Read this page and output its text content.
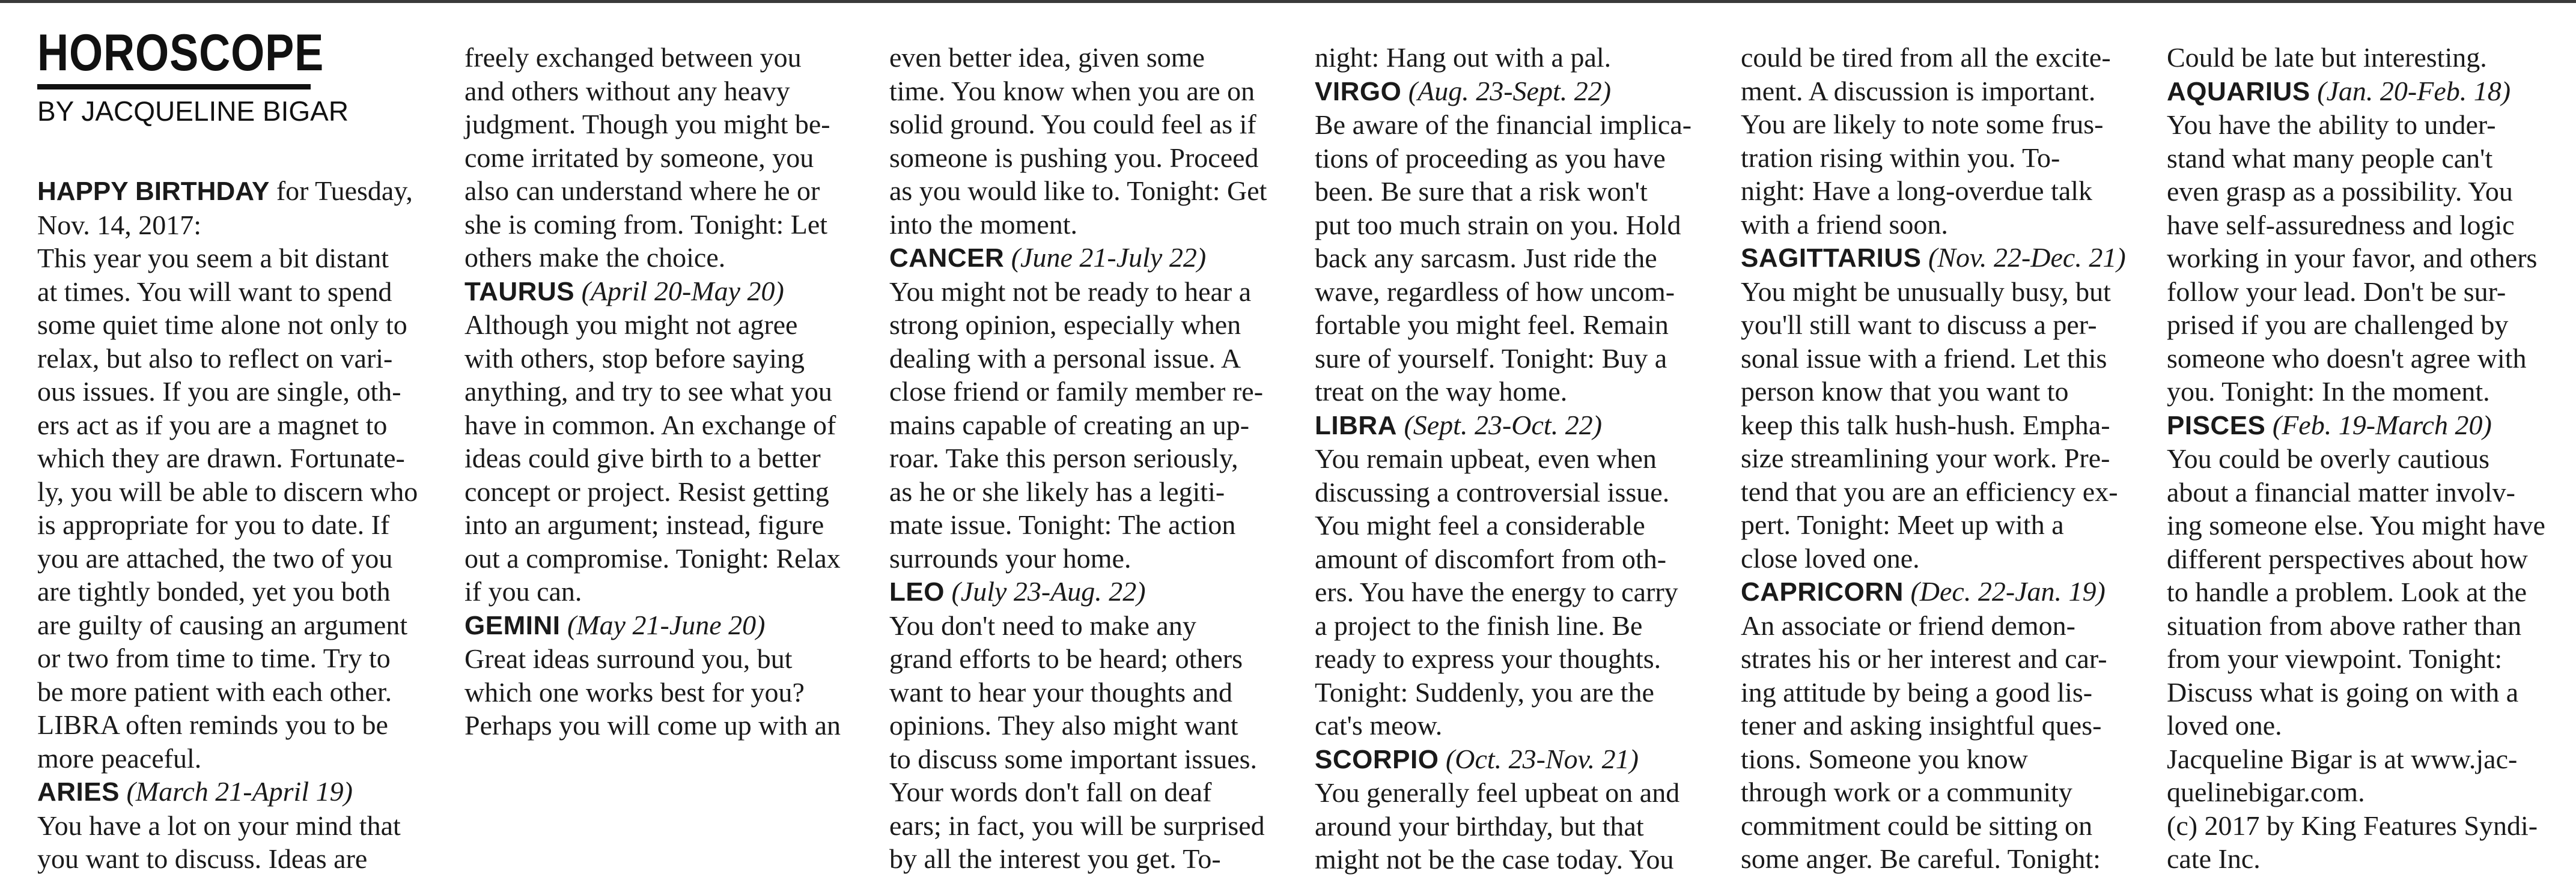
HOROSCOPE
BY JACQUELINE BIGAR
HAPPY BIRTHDAY for Tuesday,
Nov. 14, 2017:
This year you seem a bit distant
at times. You will want to spend
some quiet time alone not only to
relax, but also to reflect on vari-
ous issues. If you are single, oth-
ers act as if you are a magnet to
which they are drawn. Fortunate-
ly, you will be able to discern who
is appropriate for you to date. If
you are attached, the two of you
are tightly bonded, yet you both
are guilty of causing an argument
or two from time to time. Try to
be more patient with each other.
LIBRA often reminds you to be
more peaceful.
ARIES (March 21-April 19)
You have a lot on your mind that
you want to discuss. Ideas are
freely exchanged between you
and others without any heavy
judgment. Though you might be-
come irritated by someone, you
also can understand where he or
she is coming from. Tonight: Let
others make the choice.
TAURUS (April 20-May 20)
Although you might not agree
with others, stop before saying
anything, and try to see what you
have in common. An exchange of
ideas could give birth to a better
concept or project. Resist getting
into an argument; instead, figure
out a compromise. Tonight: Relax
if you can.
GEMINI (May 21-June 20)
Great ideas surround you, but
which one works best for you?
Perhaps you will come up with an
even better idea, given some
time. You know when you are on
solid ground. You could feel as if
someone is pushing you. Proceed
as you would like to. Tonight: Get
into the moment.
CANCER (June 21-July 22)
You might not be ready to hear a
strong opinion, especially when
dealing with a personal issue. A
close friend or family member re-
mains capable of creating an up-
roar. Take this person seriously,
as he or she likely has a legiti-
mate issue. Tonight: The action
surrounds your home.
LEO (July 23-Aug. 22)
You don't need to make any
grand efforts to be heard; others
want to hear your thoughts and
opinions. They also might want
to discuss some important issues.
Your words don't fall on deaf
ears; in fact, you will be surprised
by all the interest you get. To-
night: Hang out with a pal.
VIRGO (Aug. 23-Sept. 22)
Be aware of the financial implica-
tions of proceeding as you have
been. Be sure that a risk won't
put too much strain on you. Hold
back any sarcasm. Just ride the
wave, regardless of how uncom-
fortable you might feel. Remain
sure of yourself. Tonight: Buy a
treat on the way home.
LIBRA (Sept. 23-Oct. 22)
You remain upbeat, even when
discussing a controversial issue.
You might feel a considerable
amount of discomfort from oth-
ers. You have the energy to carry
a project to the finish line. Be
ready to express your thoughts.
Tonight: Suddenly, you are the
cat's meow.
SCORPIO (Oct. 23-Nov. 21)
You generally feel upbeat on and
around your birthday, but that
might not be the case today. You
could be tired from all the excite-
ment. A discussion is important.
You are likely to note some frus-
tration rising within you. To-
night: Have a long-overdue talk
with a friend soon.
SAGITTARIUS (Nov. 22-Dec. 21)
You might be unusually busy, but
you'll still want to discuss a per-
sonal issue with a friend. Let this
person know that you want to
keep this talk hush-hush. Empha-
size streamlining your work. Pre-
tend that you are an efficiency ex-
pert. Tonight: Meet up with a
close loved one.
CAPRICORN (Dec. 22-Jan. 19)
An associate or friend demon-
strates his or her interest and car-
ing attitude by being a good lis-
tener and asking insightful ques-
tions. Someone you know
through work or a community
commitment could be sitting on
some anger. Be careful. Tonight:
Could be late but interesting.
AQUARIUS (Jan. 20-Feb. 18)
You have the ability to under-
stand what many people can't
even grasp as a possibility. You
have self-assuredness and logic
working in your favor, and others
follow your lead. Don't be sur-
prised if you are challenged by
someone who doesn't agree with
you. Tonight: In the moment.
PISCES (Feb. 19-March 20)
You could be overly cautious
about a financial matter involv-
ing someone else. You might have
different perspectives about how
to handle a problem. Look at the
situation from above rather than
from your viewpoint. Tonight:
Discuss what is going on with a
loved one.
Jacqueline Bigar is at www.jac-
quelinebigar.com.
(c) 2017 by King Features Syndi-
cate Inc.
